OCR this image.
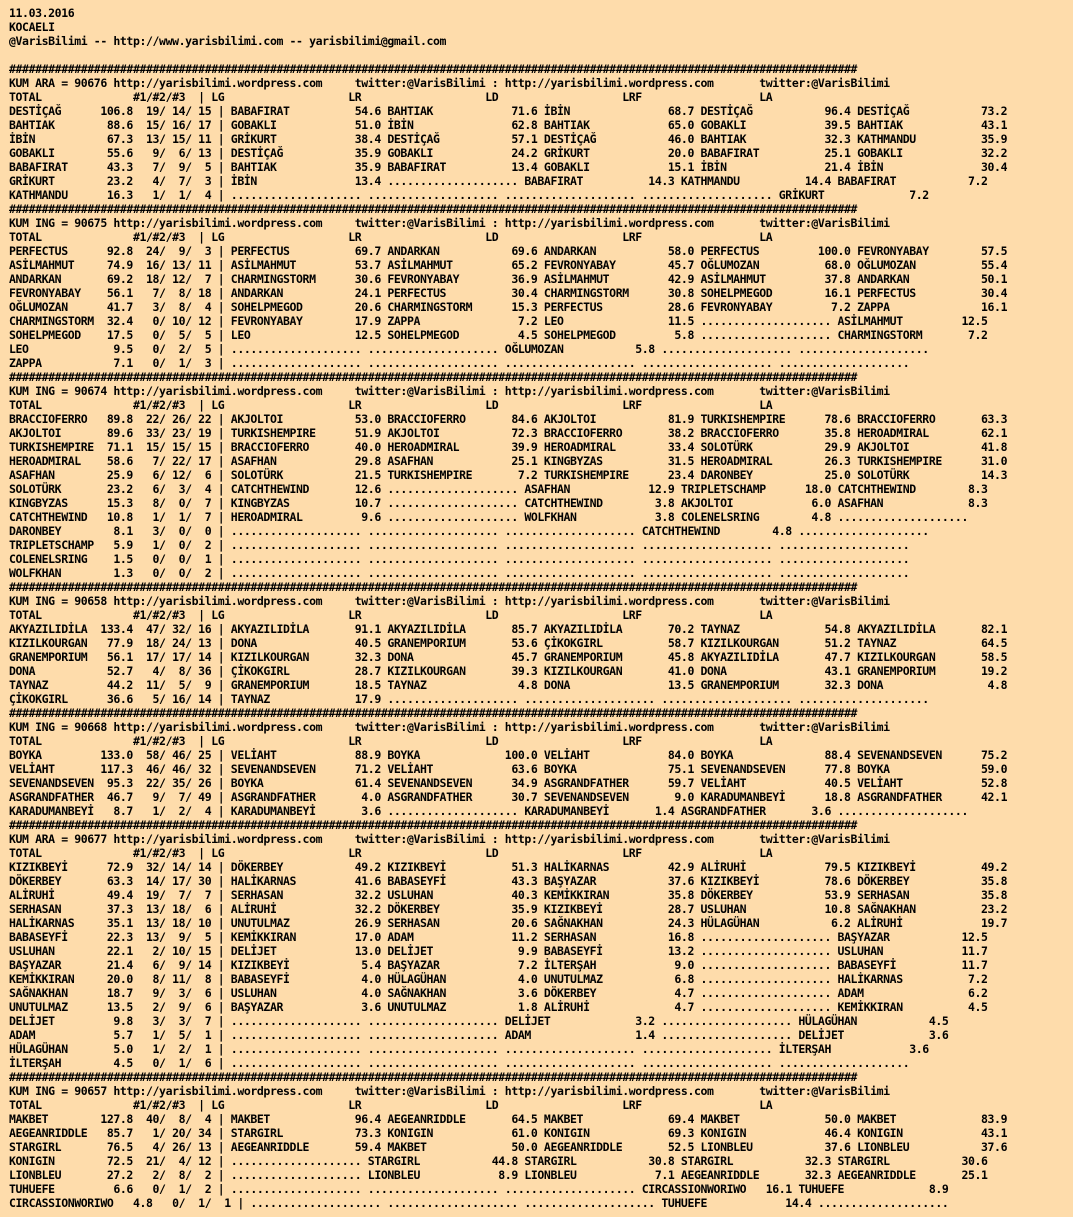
11.03.2016
KOCAELI
@VarisBilimi -- http://www.yarisbilimi.com -- yarisbilimi@gmail.com

##################################################################################################################################
KUM ARA = 90676 http://yarisbilimi.wordpress.com     twitter:@VarisBilimi : http://yarisbilimi.wordpress.com       twitter:@VarisBilimi
TOTAL              #1/#2/#3  | LG                   LR                   LD                   LRF                  LA
DESTİÇAĞ      106.8  19/ 14/ 15 | BABAFIRAT          54.6 BAHTIAK            71.6 İBİN               68.7 DESTİÇAĞ           96.4 DESTİÇAĞ           73.2
BAHTIAK        88.6  15/ 16/ 17 | GOBAKLI            51.0 İBİN               62.8 BAHTIAK            65.0 GOBAKLI            39.5 BAHTIAK            43.1
İBİN           67.3  13/ 15/ 11 | GRİKURT            38.4 DESTİÇAĞ           57.1 DESTİÇAĞ           46.0 BAHTIAK            32.3 KATHMANDU          35.9
GOBAKLI        55.6   9/  6/ 13 | DESTİÇAĞ           35.9 GOBAKLI            24.2 GRİKURT            20.0 BABAFIRAT          25.1 GOBAKLI            32.2
BABAFIRAT      43.3   7/  9/  5 | BAHTIAK            35.9 BABAFIRAT          13.4 GOBAKLI            15.1 İBİN               21.4 İBİN               30.4
GRİKURT        23.2   4/  7/  3 | İBİN               13.4 .................... BABAFIRAT          14.3 KATHMANDU          14.4 BABAFIRAT           7.2
KATHMANDU      16.3   1/  1/  4 | .................... .................... .................... .................... GRİKURT             7.2
##################################################################################################################################
KUM ING = 90675 http://yarisbilimi.wordpress.com     twitter:@VarisBilimi : http://yarisbilimi.wordpress.com       twitter:@VarisBilimi
TOTAL              #1/#2/#3  | LG                   LR                   LD                   LRF                  LA
PERFECTUS      92.8  24/  9/  3 | PERFECTUS          69.7 ANDARKAN           69.6 ANDARKAN           58.0 PERFECTUS         100.0 FEVRONYABAY        57.5
ASİLMAHMUT     74.9  16/ 13/ 11 | ASİLMAHMUT         53.7 ASİLMAHMUT         65.2 FEVRONYABAY        45.7 OĞLUMOZAN          68.0 OĞLUMOZAN          55.4
ANDARKAN       69.2  18/ 12/  7 | CHARMINGSTORM      30.6 FEVRONYABAY        36.9 ASİLMAHMUT         42.9 ASİLMAHMUT         37.8 ANDARKAN           50.1
FEVRONYABAY    56.1   7/  8/ 18 | ANDARKAN           24.1 PERFECTUS          30.4 CHARMINGSTORM      30.8 SOHELPMEGOD        16.1 PERFECTUS          30.4
OĞLUMOZAN      41.7   3/  8/  4 | SOHELPMEGOD        20.6 CHARMINGSTORM      15.3 PERFECTUS          28.6 FEVRONYABAY         7.2 ZAPPA              16.1
CHARMINGSTORM  32.4   0/ 10/ 12 | FEVRONYABAY        17.9 ZAPPA               7.2 LEO                11.5 .................... ASİLMAHMUT         12.5
SOHELPMEGOD    17.5   0/  5/  5 | LEO                12.5 SOHELPMEGOD         4.5 SOHELPMEGOD         5.8 .................... CHARMINGSTORM       7.2
LEO             9.5   0/  2/  5 | .................... .................... OĞLUMOZAN           5.8 .................... ....................
ZAPPA           7.1   0/  1/  3 | .................... .................... .................... .................... ....................
##################################################################################################################################
KUM ING = 90674 http://yarisbilimi.wordpress.com     twitter:@VarisBilimi : http://yarisbilimi.wordpress.com       twitter:@VarisBilimi
TOTAL              #1/#2/#3  | LG                   LR                   LD                   LRF                  LA
BRACCIOFERRO   89.8  22/ 26/ 22 | AKJOLTOI           53.0 BRACCIOFERRO       84.6 AKJOLTOI           81.9 TURKISHEMPIRE      78.6 BRACCIOFERRO       63.3
AKJOLTOI       89.6  33/ 23/ 19 | TURKISHEMPIRE      51.9 AKJOLTOI           72.3 BRACCIOFERRO       38.2 BRACCIOFERRO       35.8 HEROADMIRAL        62.1
TURKISHEMPIRE  71.1  15/ 15/ 15 | BRACCIOFERRO       40.0 HEROADMIRAL        39.9 HEROADMIRAL        33.4 SOLOTÜRK           29.9 AKJOLTOI           41.8
HEROADMIRAL    58.6   7/ 22/ 17 | ASAFHAN            29.8 ASAFHAN            25.1 KINGBYZAS          31.5 HEROADMIRAL        26.3 TURKISHEMPIRE      31.0
ASAFHAN        25.9   6/ 12/  6 | SOLOTÜRK           21.5 TURKISHEMPIRE       7.2 TURKISHEMPIRE      23.4 DARONBEY           25.0 SOLOTÜRK           14.3
SOLOTÜRK       23.2   6/  3/  4 | CATCHTHEWIND       12.6 .................... ASAFHAN            12.9 TRIPLETSCHAMP      18.0 CATCHTHEWIND        8.3
KINGBYZAS      15.3   8/  0/  7 | KINGBYZAS          10.7 .................... CATCHTHEWIND        3.8 AKJOLTOI            6.0 ASAFHAN             8.3
CATCHTHEWIND   10.8   1/  1/  7 | HEROADMIRAL         9.6 .................... WOLFKHAN            3.8 COLENELSRING        4.8 ....................
DARONBEY        8.1   3/  0/  0 | .................... .................... .................... CATCHTHEWIND        4.8 ....................
TRIPLETSCHAMP   5.9   1/  0/  2 | .................... .................... .................... .................... ....................
COLENELSRING    1.5   0/  0/  1 | .................... .................... .................... .................... ....................
WOLFKHAN        1.3   0/  0/  2 | .................... .................... .................... .................... ....................
##################################################################################################################################
KUM ING = 90658 http://yarisbilimi.wordpress.com     twitter:@VarisBilimi : http://yarisbilimi.wordpress.com       twitter:@VarisBilimi
TOTAL              #1/#2/#3  | LG                   LR                   LD                   LRF                  LA
AKYAZILIDİLA  133.4  47/ 32/ 16 | AKYAZILIDİLA       91.1 AKYAZILIDİLA       85.7 AKYAZILIDİLA       70.2 TAYNAZ             54.8 AKYAZILIDİLA       82.1
KIZILKOURGAN   77.9  18/ 24/ 13 | DONA               40.5 GRANEMPORIUM       53.6 ÇİKOKGIRL          58.7 KIZILKOURGAN       51.2 TAYNAZ             64.5
GRANEMPORIUM   56.1  17/ 17/ 14 | KIZILKOURGAN       32.3 DONA               45.7 GRANEMPORIUM       45.8 AKYAZILIDİLA       47.7 KIZILKOURGAN       58.5
DONA           52.7   4/  8/ 36 | ÇİKOKGIRL          28.7 KIZILKOURGAN       39.3 KIZILKOURGAN       41.0 DONA               43.1 GRANEMPORIUM       19.2
TAYNAZ         44.2  11/  5/  9 | GRANEMPORIUM       18.5 TAYNAZ              4.8 DONA               13.5 GRANEMPORIUM       32.3 DONA                4.8
ÇİKOKGIRL      36.6   5/ 16/ 14 | TAYNAZ             17.9 .................... .................... .................... ....................
##################################################################################################################################
KUM ING = 90668 http://yarisbilimi.wordpress.com     twitter:@VarisBilimi : http://yarisbilimi.wordpress.com       twitter:@VarisBilimi
TOTAL              #1/#2/#3  | LG                   LR                   LD                   LRF                  LA
BOYKA         133.0  58/ 46/ 25 | VELİAHT            88.9 BOYKA             100.0 VELİAHT            84.0 BOYKA              88.4 SEVENANDSEVEN      75.2
VELİAHT       117.3  46/ 46/ 32 | SEVENANDSEVEN      71.2 VELİAHT            63.6 BOYKA              75.1 SEVENANDSEVEN      77.8 BOYKA              59.0
SEVENANDSEVEN  95.3  22/ 35/ 26 | BOYKA              61.4 SEVENANDSEVEN      34.9 ASGRANDFATHER      59.7 VELİAHT            40.5 VELİAHT            52.8
ASGRANDFATHER  46.7   9/  7/ 49 | ASGRANDFATHER       4.0 ASGRANDFATHER      30.7 SEVENANDSEVEN       9.0 KARADUMANBEYİ      18.8 ASGRANDFATHER      42.1
KARADUMANBEYİ   8.7   1/  2/  4 | KARADUMANBEYİ       3.6 .................... KARADUMANBEYİ       1.4 ASGRANDFATHER       3.6 ....................
##################################################################################################################################
KUM ARA = 90677 http://yarisbilimi.wordpress.com     twitter:@VarisBilimi : http://yarisbilimi.wordpress.com       twitter:@VarisBilimi
TOTAL              #1/#2/#3  | LG                   LR                   LD                   LRF                  LA
KIZIKBEYİ      72.9  32/ 14/ 14 | DÖKERBEY           49.2 KIZIKBEYİ          51.3 HALİKARNAS         42.9 ALİRUHİ            79.5 KIZIKBEYİ          49.2
DÖKERBEY       63.3  14/ 17/ 30 | HALİKARNAS         41.6 BABASEYFİ          43.3 BAŞYAZAR           37.6 KIZIKBEYİ          78.6 DÖKERBEY           35.8
ALİRUHİ        49.4  19/  7/  7 | SERHASAN           32.2 USLUHAN            40.3 KEMİKKIRAN         35.8 DÖKERBEY           53.9 SERHASAN           35.8
SERHASAN       37.3  13/ 18/  6 | ALİRUHİ            32.2 DÖKERBEY           35.9 KIZIKBEYİ          28.7 USLUHAN            10.8 SAĞNAKHAN          23.2
HALİKARNAS     35.1  13/ 18/ 10 | UNUTULMAZ          26.9 SERHASAN           20.6 SAĞNAKHAN          24.3 HÜLAGÜHAN           6.2 ALİRUHİ            19.7
BABASEYFİ      22.3  13/  9/  5 | KEMİKKIRAN         17.0 ADAM               11.2 SERHASAN           16.8 .................... BAŞYAZAR           12.5
USLUHAN        22.1   2/ 10/ 15 | DELİJET            13.0 DELİJET             9.9 BABASEYFİ          13.2 .................... USLUHAN            11.7
BAŞYAZAR       21.4   6/  9/ 14 | KIZIKBEYİ           5.4 BAŞYAZAR            7.2 İLTERŞAH            9.0 .................... BABASEYFİ          11.7
KEMİKKIRAN     20.0   8/ 11/  8 | BABASEYFİ           4.0 HÜLAGÜHAN           4.0 UNUTULMAZ           6.8 .................... HALİKARNAS          7.2
SAĞNAKHAN      18.7   9/  3/  6 | USLUHAN             4.0 SAĞNAKHAN           3.6 DÖKERBEY            4.7 .................... ADAM                6.2
UNUTULMAZ      13.5   2/  9/  6 | BAŞYAZAR            3.6 UNUTULMAZ           1.8 ALİRUHİ             4.7 .................... KEMİKKIRAN          4.5
DELİJET         9.8   3/  3/  7 | .................... .................... DELİJET             3.2 .................... HÜLAGÜHAN           4.5
ADAM            5.7   1/  5/  1 | .................... .................... ADAM                1.4 .................... DELİJET             3.6
HÜLAGÜHAN       5.0   1/  2/  1 | .................... .................... .................... .................... İLTERŞAH            3.6
İLTERŞAH        4.5   0/  1/  6 | .................... .................... .................... .................... ....................
##################################################################################################################################
KUM ING = 90657 http://yarisbilimi.wordpress.com     twitter:@VarisBilimi : http://yarisbilimi.wordpress.com       twitter:@VarisBilimi
TOTAL              #1/#2/#3  | LG                   LR                   LD                   LRF                  LA
MAKBET        127.8  40/  8/  4 | MAKBET             96.4 AEGEANRIDDLE       64.5 MAKBET             69.4 MAKBET             50.0 MAKBET             83.9
AEGEANRIDDLE   85.7   1/ 20/ 34 | STARGIRL           73.3 KONIGIN            61.0 KONIGIN            69.3 KONIGIN            46.4 KONIGIN            43.1
STARGIRL       76.5   4/ 26/ 13 | AEGEANRIDDLE       59.4 MAKBET             50.0 AEGEANRIDDLE       52.5 LIONBLEU           37.6 LIONBLEU           37.6
KONIGIN        72.5  21/  4/ 12 | .................... STARGIRL           44.8 STARGIRL           30.8 STARGIRL           32.3 STARGIRL           30.6
LIONBLEU       27.2   2/  8/  2 | .................... LIONBLEU            8.9 LIONBLEU            7.1 AEGEANRIDDLE       32.3 AEGEANRIDDLE       25.1
TUHUEFE         6.6   0/  1/  2 | .................... .................... .................... CIRCASSIONWORIWO   16.1 TUHUEFE             8.9
CIRCASSIONWORIWO   4.8   0/  1/  1 | .................... .................... .................... TUHUEFE            14.4 ....................
